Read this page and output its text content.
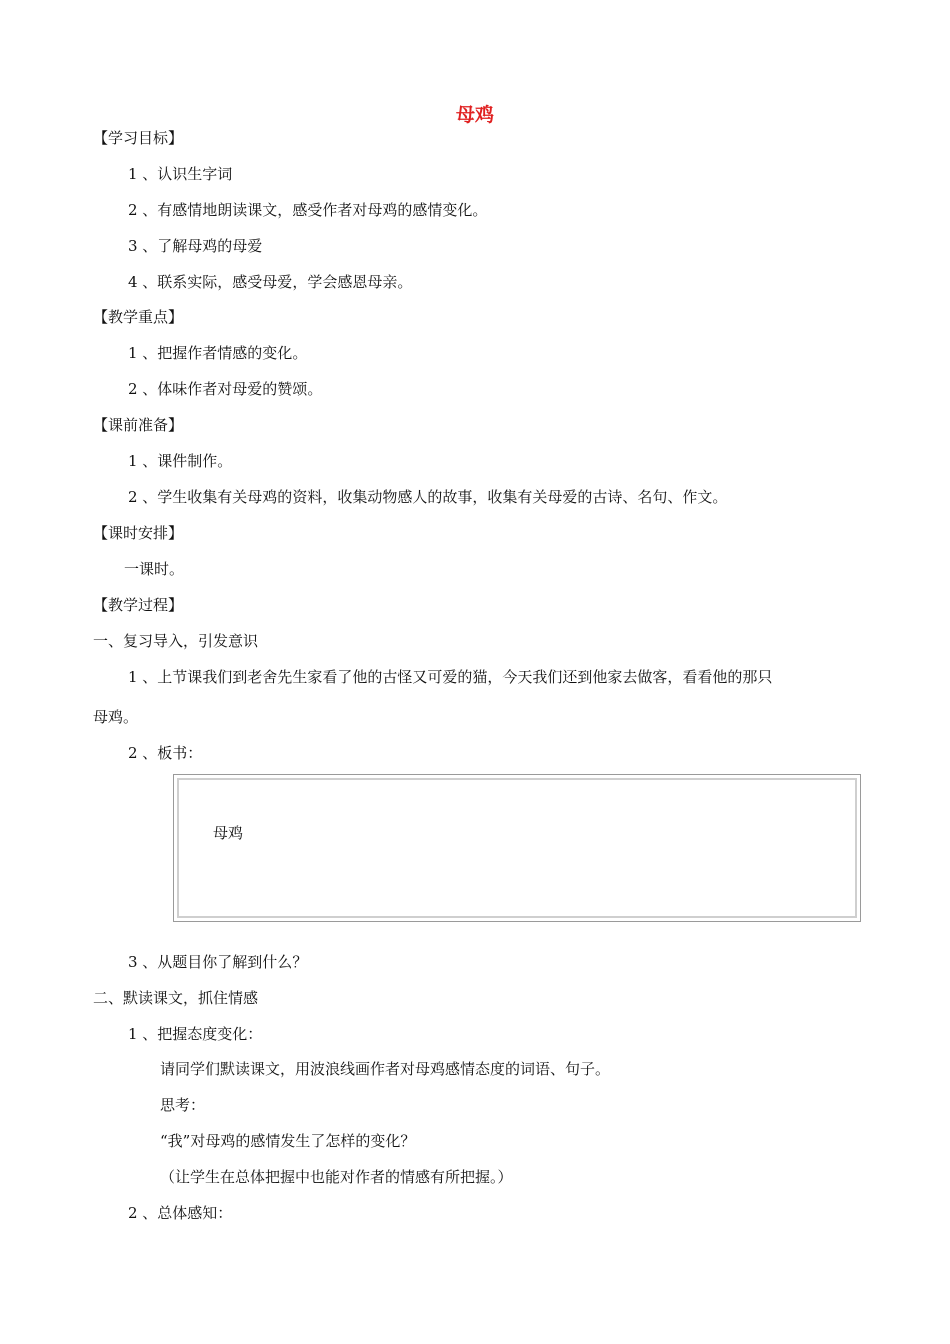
母鸡
【学习目标】
1 、认识生字词
2 、有感情地朗读课文，感受作者对母鸡的感情变化。
3 、了解母鸡的母爱
4 、联系实际，感受母爱，学会感恩母亲。
【教学重点】
1 、把握作者情感的变化。
2 、体味作者对母爱的赞颂。
【课前准备】
1 、课件制作。
2 、学生收集有关母鸡的资料，收集动物感人的故事，收集有关母爱的古诗、名句、作文。
【课时安排】
一课时。
【教学过程】
一、复习导入，引发意识
1 、上节课我们到老舍先生家看了他的古怪又可爱的猫，今天我们还到他家去做客，看看他的那只
母鸡。
2 、板书：
母鸡
3 、从题目你了解到什么？
二、默读课文，抓住情感
1 、把握态度变化：
请同学们默读课文，用波浪线画作者对母鸡感情态度的词语、句子。
思考：
“我”对母鸡的感情发生了怎样的变化？
（让学生在总体把握中也能对作者的情感有所把握。）
2 、总体感知：
